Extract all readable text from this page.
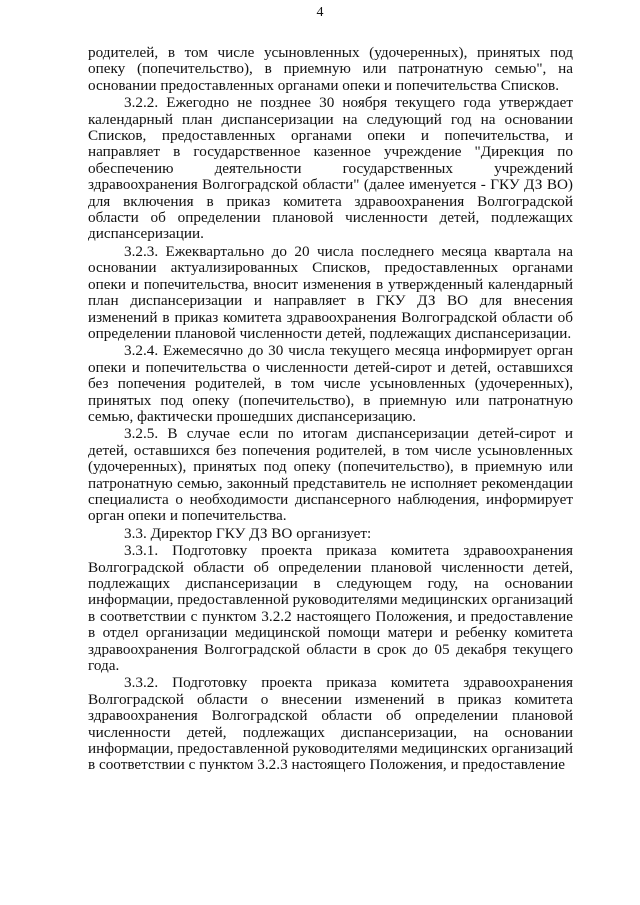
4

родителей, в том числе усыновленных (удочеренных), принятых под опеку (попечительство), в приемную или патронатную семью", на основании предоставленных органами опеки и попечительства Списков.

3.2.2. Ежегодно не позднее 30 ноября текущего года утверждает календарный план диспансеризации на следующий год на основании Списков, предоставленных органами опеки и попечительства, и направляет в государственное казенное учреждение "Дирекция по обеспечению деятельности государственных учреждений здравоохранения Волгоградской области" (далее именуется - ГКУ ДЗ ВО) для включения в приказ комитета здравоохранения Волгоградской области об определении плановой численности детей, подлежащих диспансеризации.

3.2.3. Ежеквартально до 20 числа последнего месяца квартала на основании актуализированных Списков, предоставленных органами опеки и попечительства, вносит изменения в утвержденный календарный план диспансеризации и направляет в ГКУ ДЗ ВО для внесения изменений в приказ комитета здравоохранения Волгоградской области об определении плановой численности детей, подлежащих диспансеризации.

3.2.4. Ежемесячно до 30 числа текущего месяца информирует орган опеки и попечительства о численности детей-сирот и детей, оставшихся без попечения родителей, в том числе усыновленных (удочеренных), принятых под опеку (попечительство), в приемную или патронатную семью, фактически прошедших диспансеризацию.

3.2.5. В случае если по итогам диспансеризации детей-сирот и детей, оставшихся без попечения родителей, в том числе усыновленных (удочеренных), принятых под опеку (попечительство), в приемную или патронатную семью, законный представитель не исполняет рекомендации специалиста о необходимости диспансерного наблюдения, информирует орган опеки и попечительства.

3.3. Директор ГКУ ДЗ ВО организует:

3.3.1. Подготовку проекта приказа комитета здравоохранения Волгоградской области об определении плановой численности детей, подлежащих диспансеризации в следующем году, на основании информации, предоставленной руководителями медицинских организаций в соответствии с пунктом 3.2.2 настоящего Положения, и предоставление в отдел организации медицинской помощи матери и ребенку комитета здравоохранения Волгоградской области в срок до 05 декабря текущего года.

3.3.2. Подготовку проекта приказа комитета здравоохранения Волгоградской области о внесении изменений в приказ комитета здравоохранения Волгоградской области об определении плановой численности детей, подлежащих диспансеризации, на основании информации, предоставленной руководителями медицинских организаций в соответствии с пунктом 3.2.3 настоящего Положения, и предоставление
